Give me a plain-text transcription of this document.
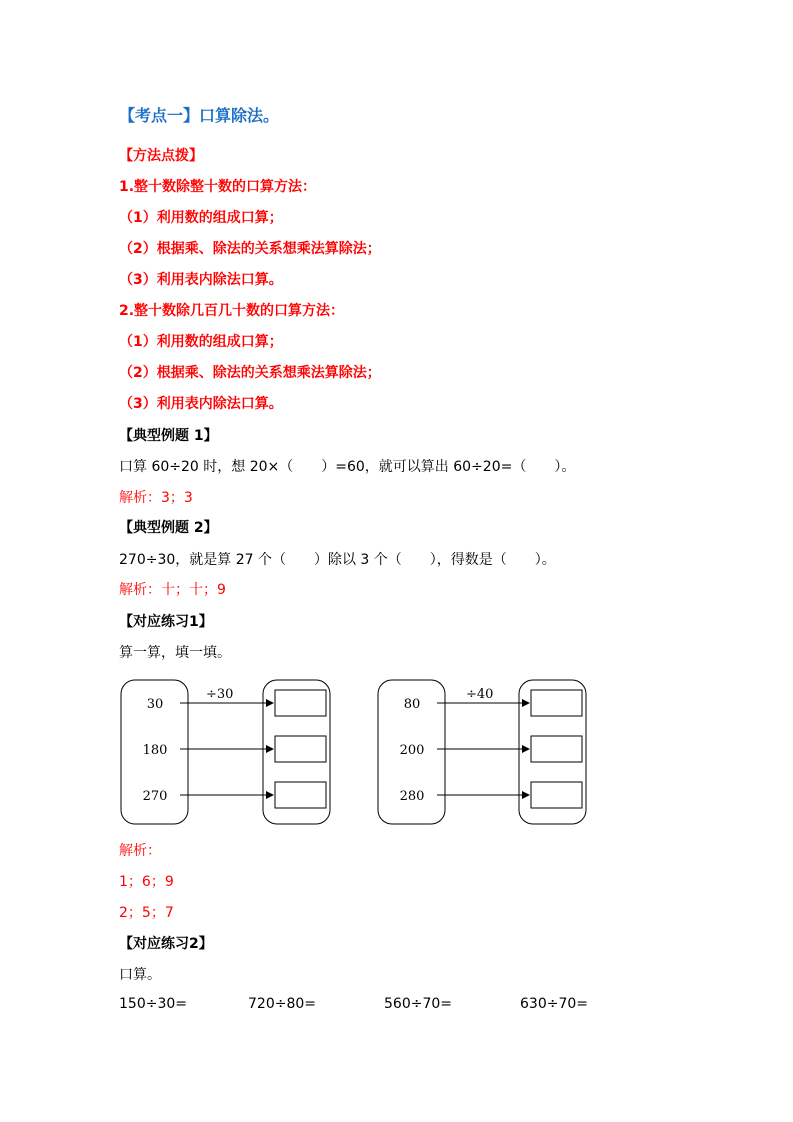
【考点一】口算除法。
【方法点拨】
1.整十数除整十数的口算方法：
（1）利用数的组成口算；
（2）根据乘、除法的关系想乘法算除法；
（3）利用表内除法口算。
2.整十数除几百几十数的口算方法：
（1）利用数的组成口算；
（2）根据乘、除法的关系想乘法算除法；
（3）利用表内除法口算。
【典型例题 1】
口算 60÷20 时，想 20×（　　）=60，就可以算出 60÷20=（　　）。
解析：3；3
【典型例题 2】
270÷30，就是算 27 个（　　）除以 3 个（　　），得数是（　　）。
解析：十；十；9
【对应练习1】
算一算，填一填。
÷30
30
180
270
÷40
80
200
280
解析：
1；6；9
2；5；7
【对应练习2】
口算。
150÷30=	720÷80=	560÷70=	630÷70=
